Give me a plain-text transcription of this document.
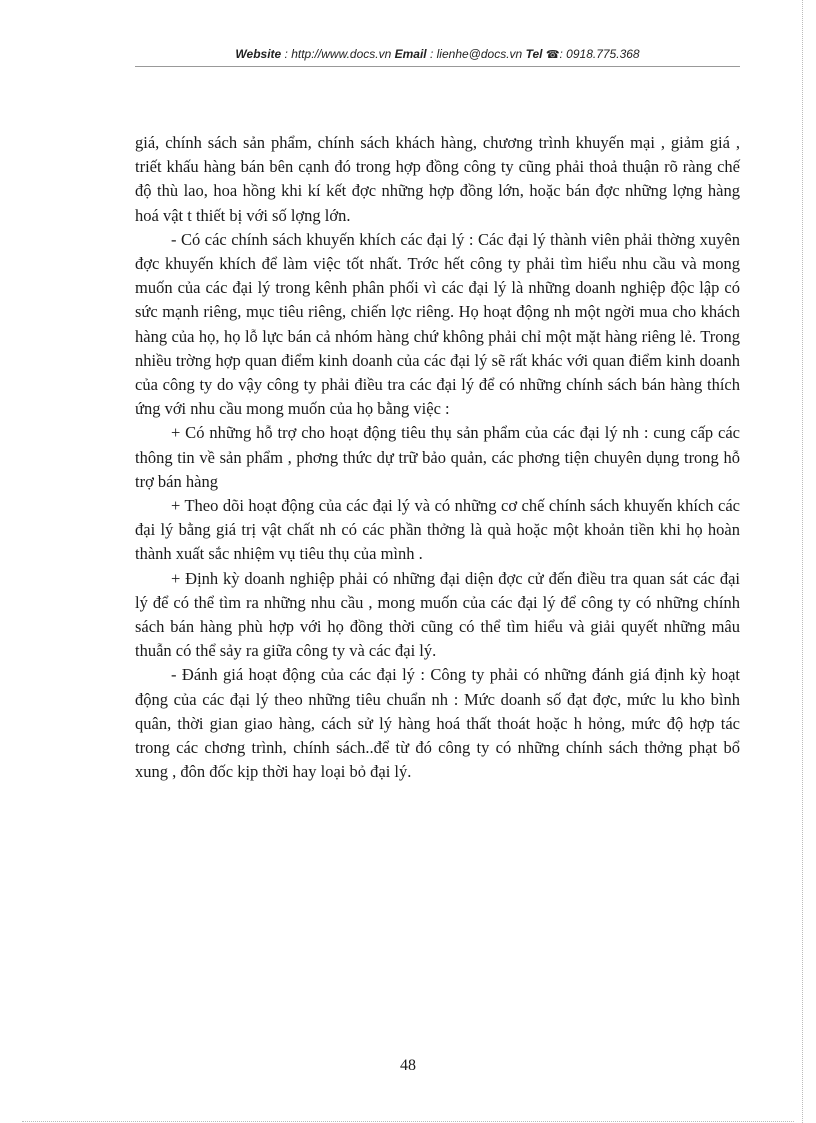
Website : http://www.docs.vn Email : lienhe@docs.vn Tel ☎: 0918.775.368

giá, chính sách sản phẩm, chính sách khách hàng, chương trình khuyến mại , giảm giá , triết khấu hàng bán bên cạnh đó trong hợp đồng công ty cũng phải thoả thuận rõ ràng chế độ thù lao, hoa hồng khi kí kết đợc những hợp đồng lớn, hoặc bán đợc những lợng hàng hoá vật t thiết bị với số lợng lớn.

- Có các chính sách khuyến khích các đại lý : Các đại lý thành viên phải thờng xuyên đợc khuyến khích để làm việc tốt nhất. Trớc hết công ty phải tìm hiểu nhu cầu và mong muốn của các đại lý trong kênh phân phối vì các đại lý là những doanh nghiệp độc lập có sức mạnh riêng, mục tiêu riêng, chiến lợc riêng. Họ hoạt động nh một ngời mua cho khách hàng của họ, họ lỗ lực bán cả nhóm hàng chứ không phải chỉ một mặt hàng riêng lẻ. Trong nhiều trờng hợp quan điểm kinh doanh của các đại lý sẽ rất khác với quan điểm kinh doanh của công ty do vậy công ty phải điều tra các đại lý để có những chính sách bán hàng thích ứng với nhu cầu mong muốn của họ bằng việc :

+ Có những hỗ trợ cho hoạt động tiêu thụ sản phẩm của các đại lý nh : cung cấp các thông tin về sản phẩm , phơng thức dự trữ bảo quản, các phơng tiện chuyên dụng trong hỗ trợ bán hàng

+ Theo dõi hoạt động của các đại lý và có những cơ chế chính sách khuyến khích các đại lý bằng giá trị vật chất nh có các phần thởng là quà hoặc một khoản tiền khi họ hoàn thành xuất sắc nhiệm vụ tiêu thụ của mình .

+ Định kỳ doanh nghiệp phải có những đại diện đợc cử đến điều tra quan sát các đại lý để có thể tìm ra những nhu cầu , mong muốn của các đại lý để công ty có những chính sách bán hàng phù hợp với họ đồng thời cũng có thể tìm hiểu và giải quyết những mâu thuẫn có thể sảy ra giữa công ty và các đại lý.

- Đánh giá hoạt động của các đại lý : Công ty phải có những đánh giá định kỳ hoạt động của các đại lý theo những tiêu chuẩn nh : Mức doanh số đạt đợc, mức lu kho bình quân, thời gian giao hàng, cách sử lý hàng hoá thất thoát hoặc h hỏng, mức độ hợp tác trong các chơng trình, chính sách..để từ đó công ty có những chính sách thởng phạt bổ xung , đôn đốc kịp thời hay loại bỏ đại lý.

48
